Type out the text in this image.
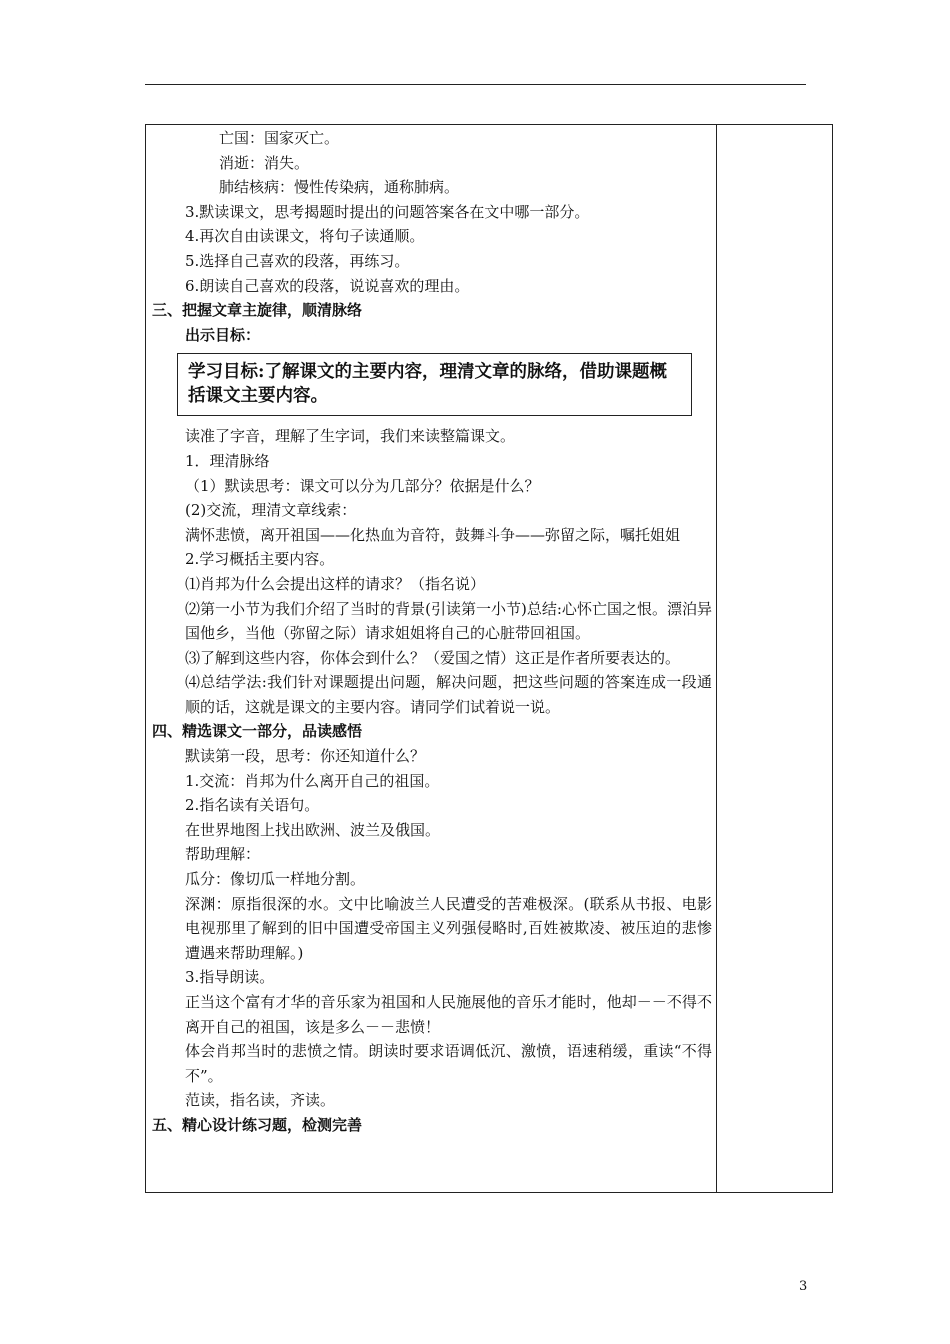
亡国：国家灭亡。
消逝：消失。
肺结核病：慢性传染病，通称肺病。
3.默读课文，思考揭题时提出的问题答案各在文中哪一部分。
4.再次自由读课文，将句子读通顺。
5.选择自己喜欢的段落，再练习。
6.朗读自己喜欢的段落，说说喜欢的理由。
三、把握文章主旋律，顺清脉络
出示目标：
学习目标:了解课文的主要内容，理清文章的脉络，借助课题概括课文主要内容。
读准了字音，理解了生字词，我们来读整篇课文。
1．理清脉络
（1）默读思考：课文可以分为几部分？依据是什么？
(2)交流，理清文章线索：
满怀悲愤，离开祖国——化热血为音符，鼓舞斗争——弥留之际，嘱托姐姐
2.学习概括主要内容。
⑴肖邦为什么会提出这样的请求？（指名说）
⑵第一小节为我们介绍了当时的背景(引读第一小节)总结:心怀亡国之恨。漂泊异国他乡，当他（弥留之际）请求姐姐将自己的心脏带回祖国。
⑶了解到这些内容，你体会到什么？（爱国之情）这正是作者所要表达的。
⑷总结学法:我们针对课题提出问题，解决问题，把这些问题的答案连成一段通顺的话，这就是课文的主要内容。请同学们试着说一说。
四、精选课文一部分，品读感悟
默读第一段，思考：你还知道什么？
1.交流：肖邦为什么离开自己的祖国。
2.指名读有关语句。
在世界地图上找出欧洲、波兰及俄国。
帮助理解：
瓜分：像切瓜一样地分割。
深渊：原指很深的水。文中比喻波兰人民遭受的苦难极深。(联系从书报、电影电视那里了解到的旧中国遭受帝国主义列强侵略时,百姓被欺凌、被压迫的悲惨遭遇来帮助理解。)
3.指导朗读。
正当这个富有才华的音乐家为祖国和人民施展他的音乐才能时，他却－－不得不离开自己的祖国，该是多么－－悲愤！
体会肖邦当时的悲愤之情。朗读时要求语调低沉、激愤，语速稍缓，重读“不得不”。
范读，指名读，齐读。
五、精心设计练习题，检测完善
3
